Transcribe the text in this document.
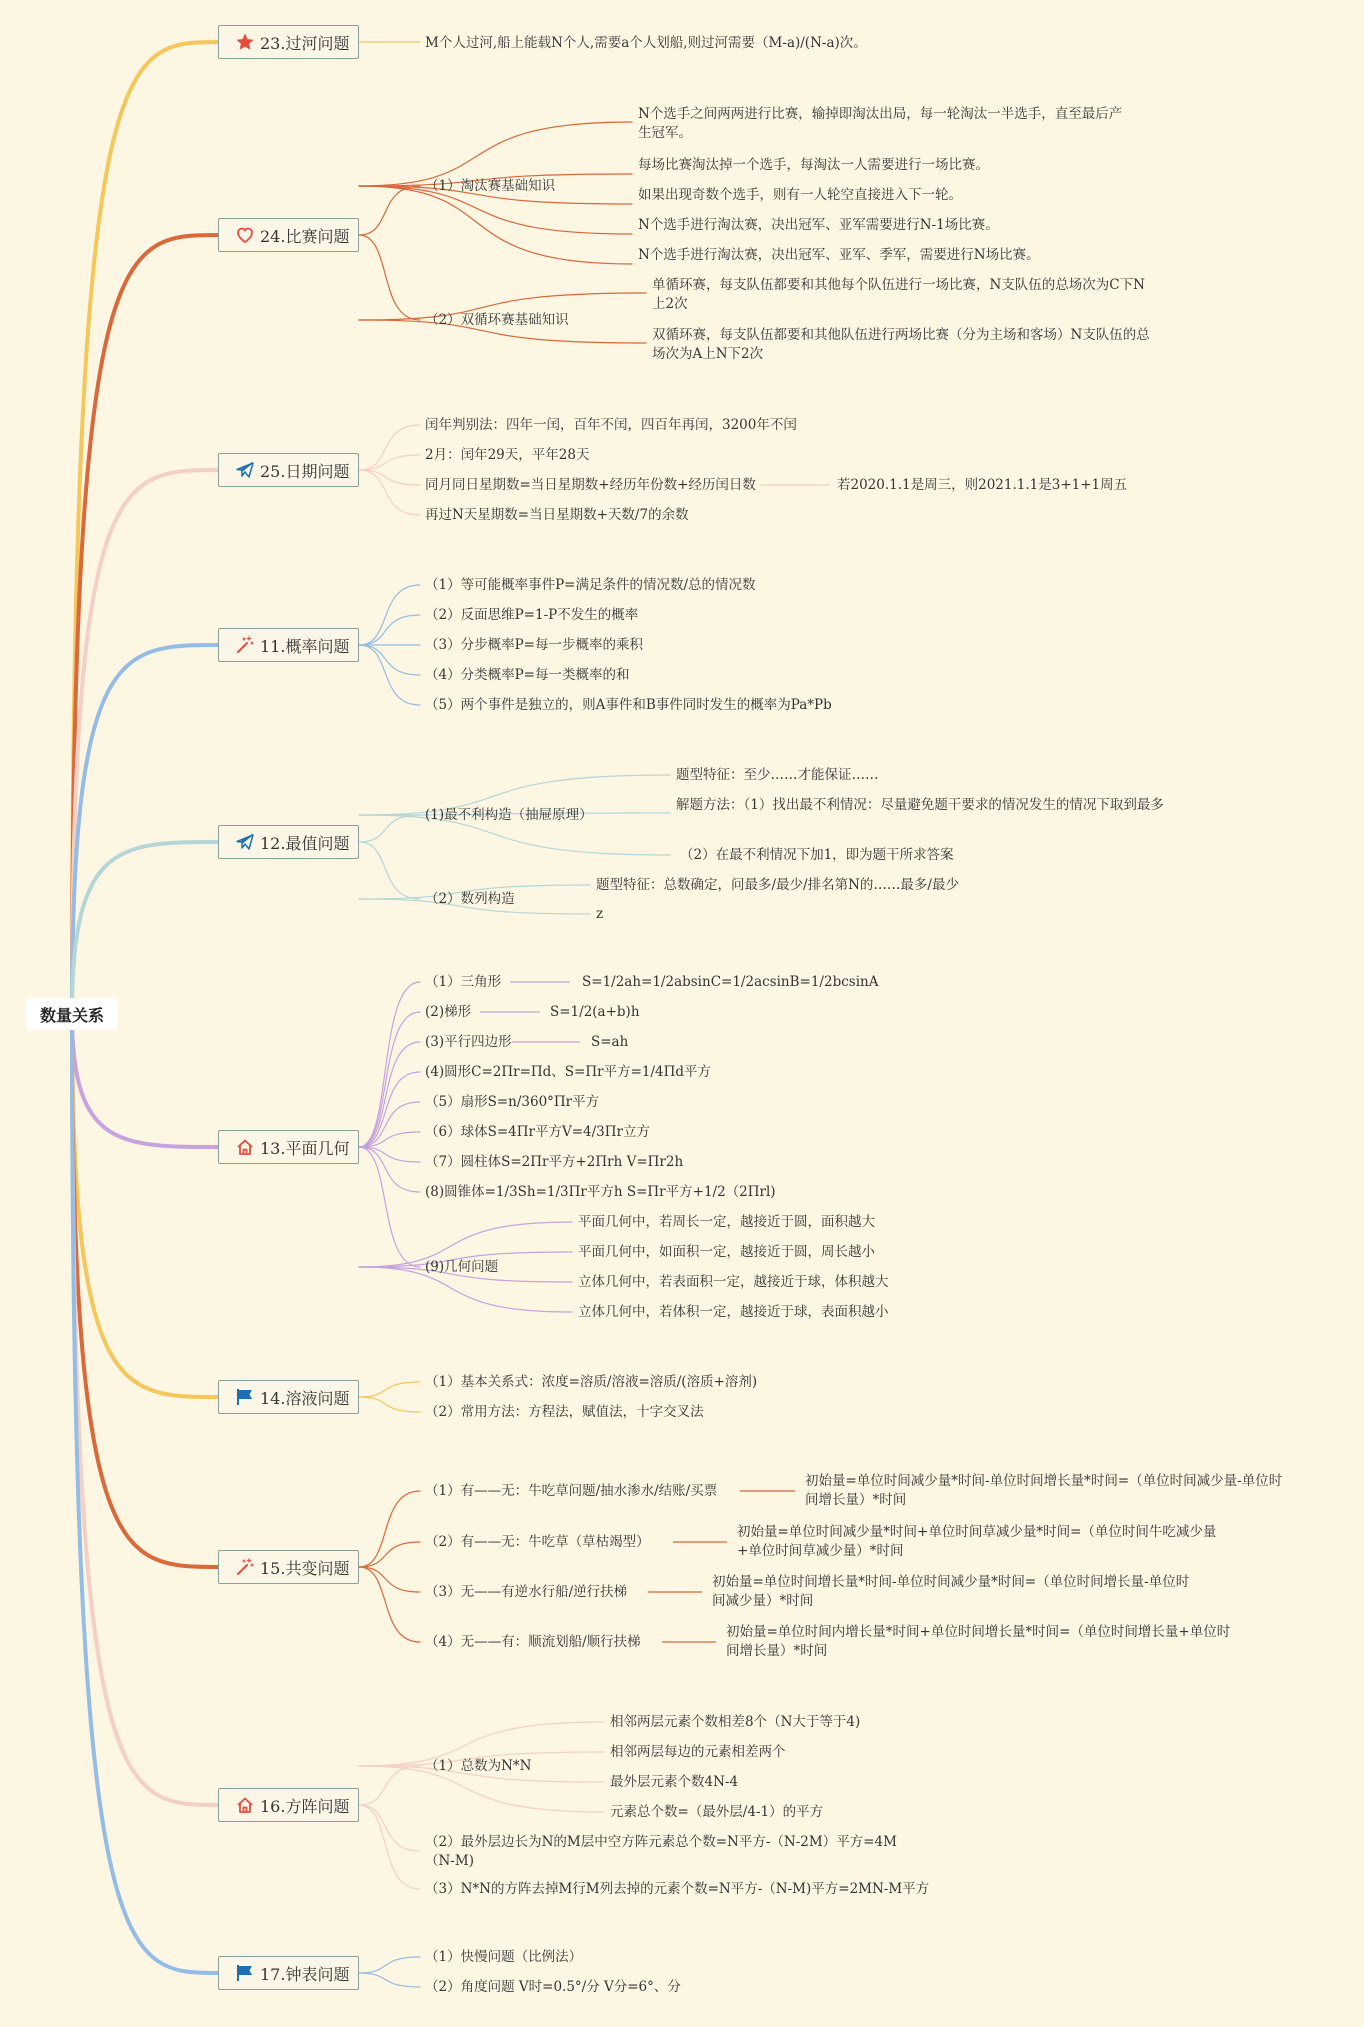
数量关系
23.过河问题	M个人过河,船上能载N个人,需要a个人划船,则过河需要（M-a)/(N-a)次。
24.比赛问题
（1）淘汰赛基础知识
N个选手之间两两进行比赛，输掉即淘汰出局，每一轮淘汰一半选手，直至最后产生冠军。
每场比赛淘汰掉一个选手，每淘汰一人需要进行一场比赛。
如果出现奇数个选手，则有一人轮空直接进入下一轮。
N个选手进行淘汰赛，决出冠军、亚军需要进行N-1场比赛。
N个选手进行淘汰赛，决出冠军、亚军、季军，需要进行N场比赛。
（2）双循环赛基础知识
单循环赛，每支队伍都要和其他每个队伍进行一场比赛，N支队伍的总场次为C下N上2次
双循环赛，每支队伍都要和其他队伍进行两场比赛（分为主场和客场）N支队伍的总场次为A上N下2次
25.日期问题
闰年判别法：四年一闰，百年不闰，四百年再闰，3200年不闰
2月：闰年29天，平年28天
同月同日星期数=当日星期数+经历年份数+经历闰日数	若2020.1.1是周三，则2021.1.1是3+1+1周五
再过N天星期数=当日星期数+天数/7的余数
11.概率问题
（1）等可能概率事件P=满足条件的情况数/总的情况数
（2）反面思维P=1-P不发生的概率
（3）分步概率P=每一步概率的乘积
（4）分类概率P=每一类概率的和
（5）两个事件是独立的，则A事件和B事件同时发生的概率为Pa*Pb
12.最值问题
(1)最不利构造（抽屉原理）
题型特征：至少……才能保证……
解题方法：（1）找出最不利情况：尽量避免题干要求的情况发生的情况下取到最多
（2）在最不利情况下加1，即为题干所求答案
（2）数列构造
题型特征：总数确定，问最多/最少/排名第N的……最多/最少
z
13.平面几何
（1）三角形	S=1/2ah=1/2absinC=1/2acsinB=1/2bcsinA
(2)梯形	S=1/2(a+b)h
(3)平行四边形	S=ah
(4)圆形C=2Πr=Πd、S=Πr平方=1/4Πd平方
（5）扇形S=n/360°Πr平方
（6）球体S=4Πr平方V=4/3Πr立方
（7）圆柱体S=2Πr平方+2Πrh V=Πr2h
(8)圆锥体=1/3Sh=1/3Πr平方h S=Πr平方+1/2（2Πrl)
(9)几何问题
平面几何中，若周长一定，越接近于圆，面积越大
平面几何中，如面积一定，越接近于圆，周长越小
立体几何中，若表面积一定，越接近于球，体积越大
立体几何中，若体积一定，越接近于球，表面积越小
14.溶液问题
（1）基本关系式：浓度=溶质/溶液=溶质/(溶质+溶剂)
（2）常用方法：方程法，赋值法，十字交叉法
15.共变问题
（1）有——无：牛吃草问题/抽水渗水/结账/买票
初始量=单位时间减少量*时间-单位时间增长量*时间=（单位时间减少量-单位时间增长量）*时间
（2）有——无：牛吃草（草枯竭型）
初始量=单位时间减少量*时间+单位时间草减少量*时间=（单位时间牛吃减少量+单位时间草减少量）*时间
（3）无——有逆水行船/逆行扶梯
初始量=单位时间增长量*时间-单位时间减少量*时间=（单位时间增长量-单位时间减少量）*时间
（4）无——有：顺流划船/顺行扶梯
初始量=单位时间内增长量*时间+单位时间增长量*时间=（单位时间增长量+单位时间增长量）*时间
16.方阵问题
（1）总数为N*N
相邻两层元素个数相差8个（N大于等于4)
相邻两层每边的元素相差两个
最外层元素个数4N-4
元素总个数=（最外层/4-1）的平方
（2）最外层边长为N的M层中空方阵元素总个数=N平方-（N-2M）平方=4M（N-M)
（3）N*N的方阵去掉M行M列去掉的元素个数=N平方-（N-M)平方=2MN-M平方
17.钟表问题
（1）快慢问题（比例法）
（2）角度问题 V时=0.5°/分 V分=6°、分
